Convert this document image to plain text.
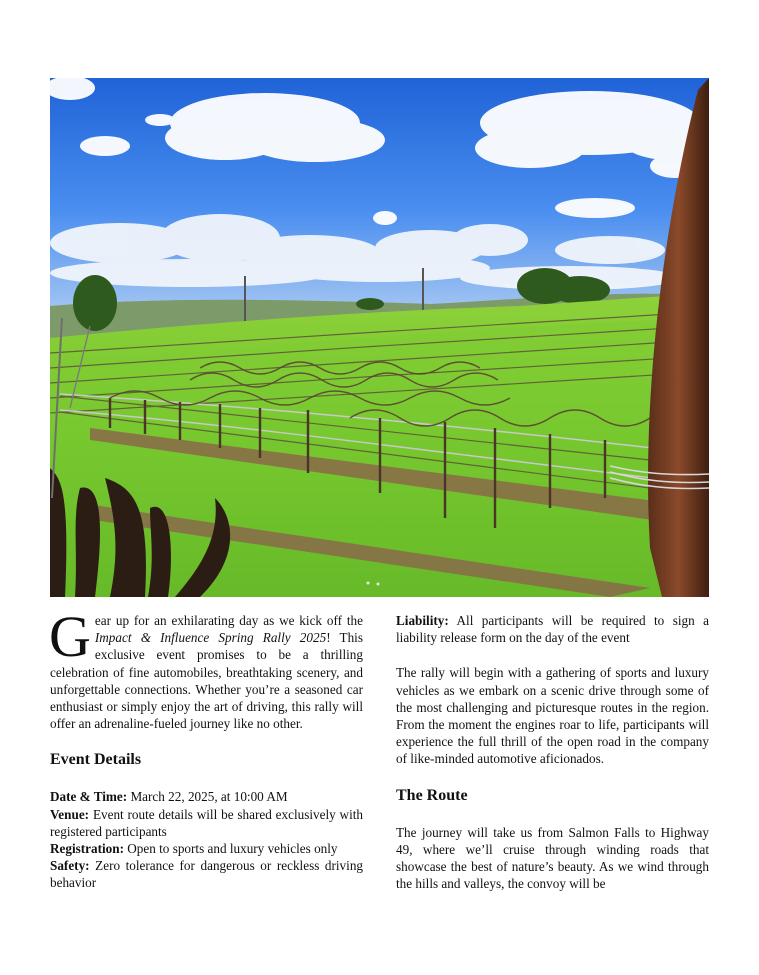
Gear up for an exhilarating day as we kick off the Impact & Influence Spring Rally 2025! This exclusive event promises to be a thrilling celebration of fine automobiles, breathtaking scenery, and unforgettable connections. Whether you’re a seasoned car enthusiast or simply enjoy the art of driving, this rally will offer an adrenaline-fueled journey like no other.

Event Details
Date & Time: March 22, 2025, at 10:00 AM
Venue: Event route details will be shared exclusively with registered participants
Registration: Open to sports and luxury vehicles only
Safety: Zero tolerance for dangerous or reckless driving behavior

Liability: All participants will be required to sign a liability release form on the day of the event

The rally will begin with a gathering of sports and luxury vehicles as we embark on a scenic drive through some of the most challenging and picturesque routes in the region. From the moment the engines roar to life, participants will experience the full thrill of the open road in the company of like-minded automotive aficionados.

The Route

The journey will take us from Salmon Falls to Highway 49, where we’ll cruise through winding roads that showcase the best of nature’s beauty. As we wind through the hills and valleys, the convoy will be
